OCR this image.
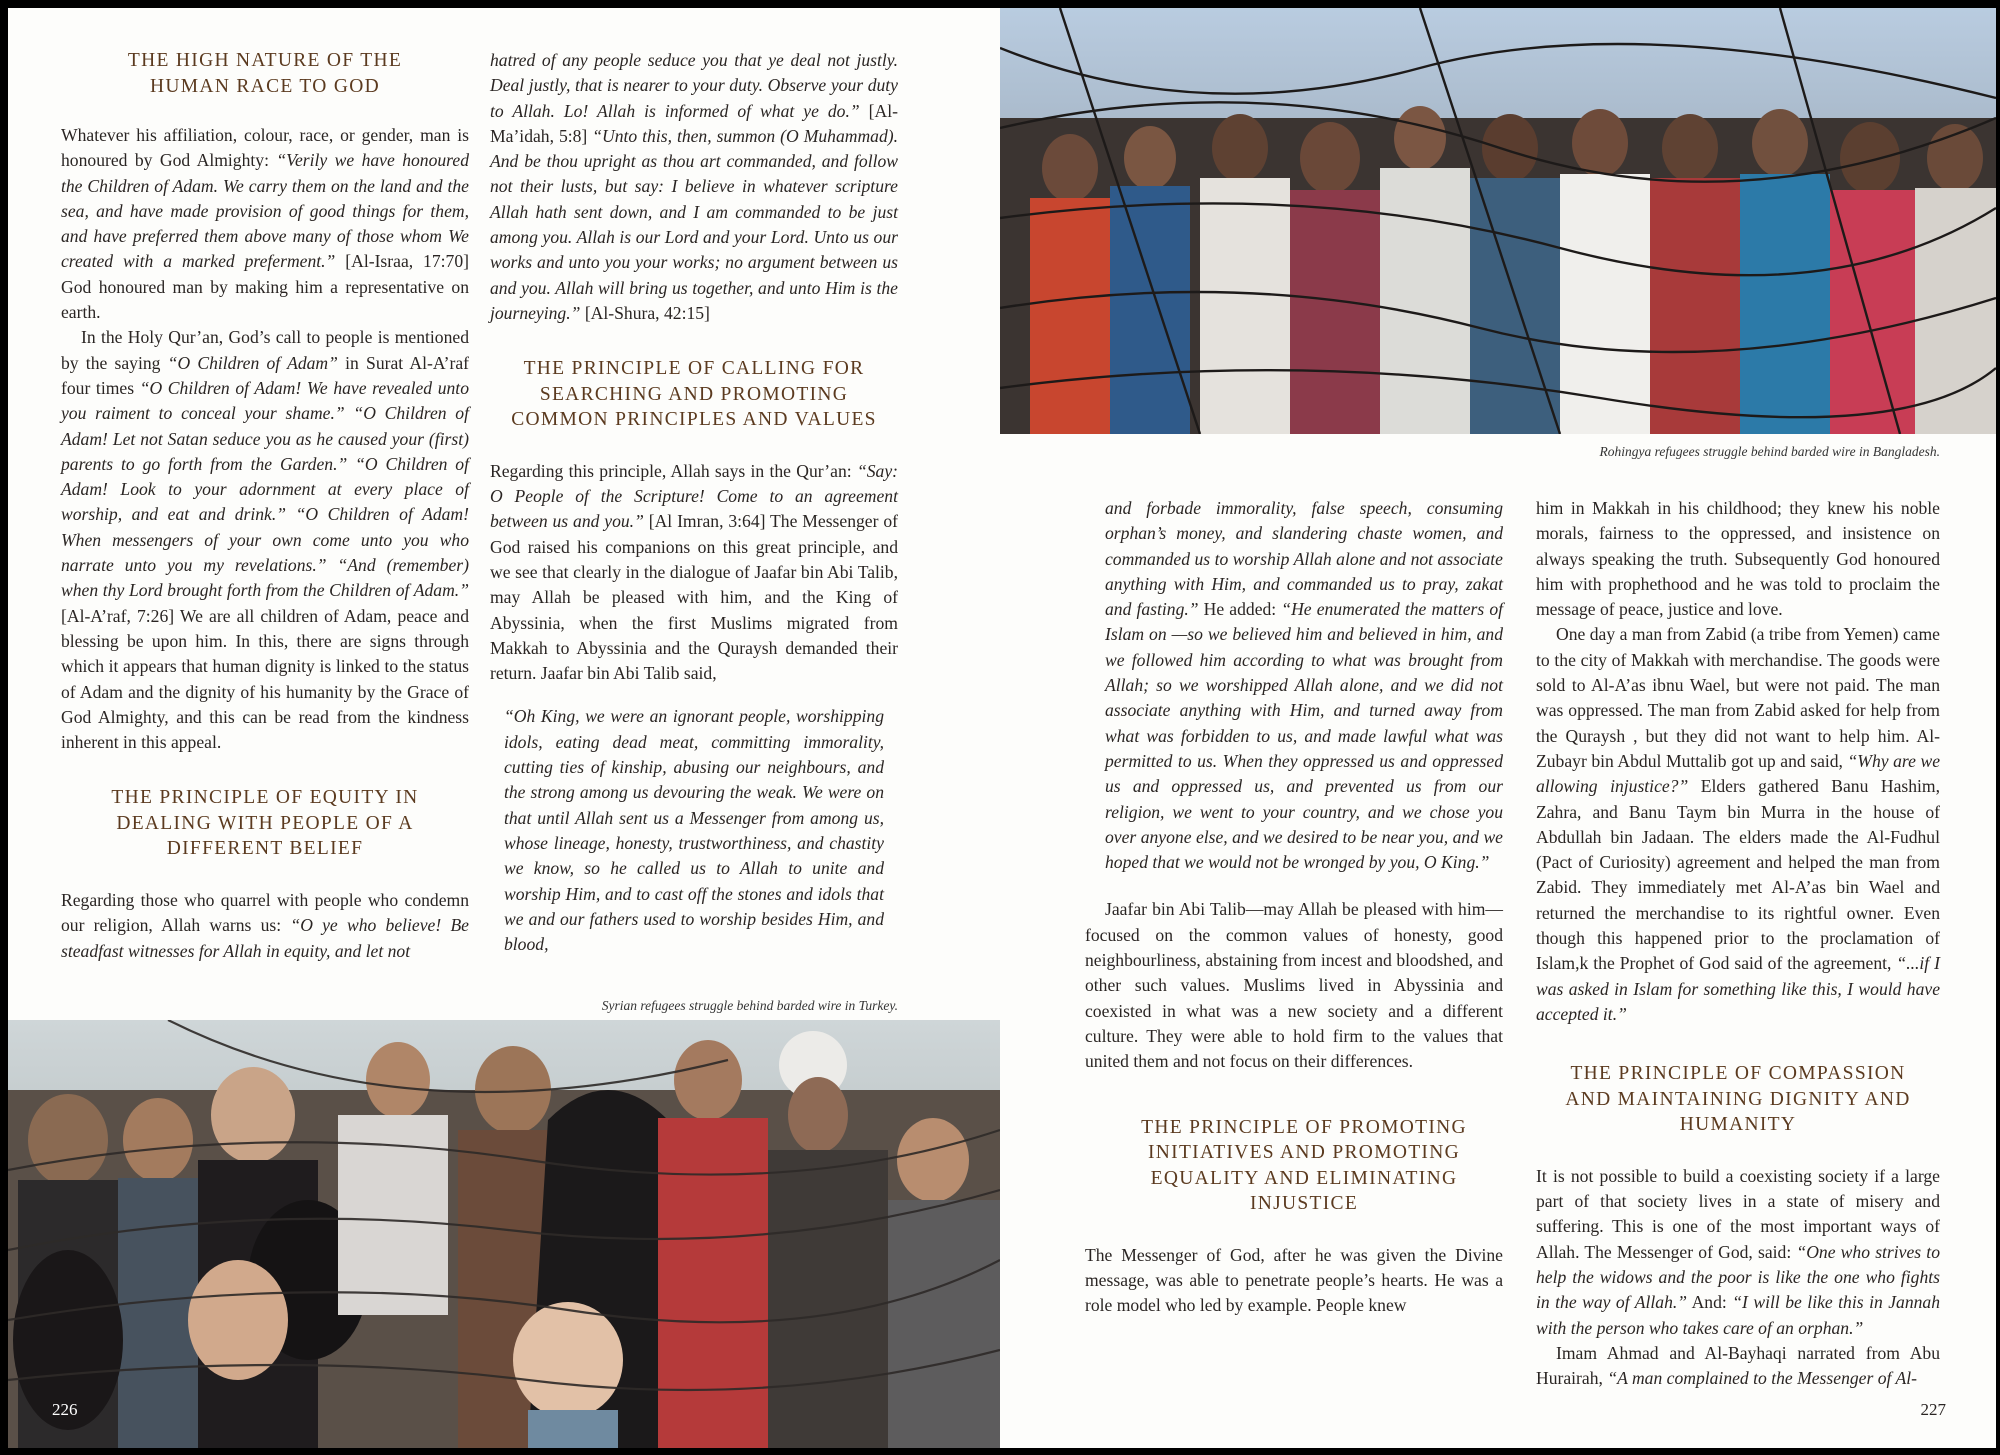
THE HIGH NATURE OF THE HUMAN RACE TO GOD

Whatever his affiliation, colour, race, or gender, man is honoured by God Almighty: “Verily we have honoured the Children of Adam. We carry them on the land and the sea, and have made provision of good things for them, and have preferred them above many of those whom We created with a marked preferment.” [Al-Israa, 17:70] God honoured man by making him a representative on earth.

In the Holy Qur’an, God’s call to people is mentioned by the saying “O Children of Adam” in Surat Al-A’raf four times “O Children of Adam! We have revealed unto you raiment to conceal your shame.” “O Children of Adam! Let not Satan seduce you as he caused your (first) parents to go forth from the Garden.” “O Children of Adam! Look to your adornment at every place of worship, and eat and drink.” “O Children of Adam! When messengers of your own come unto you who narrate unto you my revelations.” “And (remember) when thy Lord brought forth from the Children of Adam.” [Al-A’raf, 7:26] We are all children of Adam, peace and blessing be upon him. In this, there are signs through which it appears that human dignity is linked to the status of Adam and the dignity of his humanity by the Grace of God Almighty, and this can be read from the kindness inherent in this appeal.

THE PRINCIPLE OF EQUITY IN DEALING WITH PEOPLE OF A DIFFERENT BELIEF

Regarding those who quarrel with people who condemn our religion, Allah warns us: “O ye who believe! Be steadfast witnesses for Allah in equity, and let not

hatred of any people seduce you that ye deal not justly. Deal justly, that is nearer to your duty. Observe your duty to Allah. Lo! Allah is informed of what ye do.” [Al-Ma’idah, 5:8] “Unto this, then, summon (O Muhammad). And be thou upright as thou art commanded, and follow not their lusts, but say: I believe in whatever scripture Allah hath sent down, and I am commanded to be just among you. Allah is our Lord and your Lord. Unto us our works and unto you your works; no argument between us and you. Allah will bring us together, and unto Him is the journeying.” [Al-Shura, 42:15]

THE PRINCIPLE OF CALLING FOR SEARCHING AND PROMOTING COMMON PRINCIPLES AND VALUES

Regarding this principle, Allah says in the Qur’an: “Say: O People of the Scripture! Come to an agreement between us and you.” [Al Imran, 3:64] The Messenger of God raised his companions on this great principle, and we see that clearly in the dialogue of Jaafar bin Abi Talib, may Allah be pleased with him, and the King of Abyssinia, when the first Muslims migrated from Makkah to Abyssinia and the Quraysh demanded their return. Jaafar bin Abi Talib said,

“Oh King, we were an ignorant people, worshipping idols, eating dead meat, committing immorality, cutting ties of kinship, abusing our neighbours, and the strong among us devouring the weak. We were on that until Allah sent us a Messenger from among us, whose lineage, honesty, trustworthiness, and chastity we know, so he called us to Allah to unite and worship Him, and to cast off the stones and idols that we and our fathers used to worship besides Him, and blood,

Syrian refugees struggle behind barded wire in Turkey.
226
Rohingya refugees struggle behind barded wire in Bangladesh.

and forbade immorality, false speech, consuming orphan’s money, and slandering chaste women, and commanded us to worship Allah alone and not associate anything with Him, and commanded us to pray, zakat and fasting.” He added: “He enumerated the matters of Islam on —so we believed him and believed in him, and we followed him according to what was brought from Allah; so we worshipped Allah alone, and we did not associate anything with Him, and turned away from what was forbidden to us, and made lawful what was permitted to us. When they oppressed us and oppressed us and oppressed us, and prevented us from our religion, we went to your country, and we chose you over anyone else, and we desired to be near you, and we hoped that we would not be wronged by you, O King.”

Jaafar bin Abi Talib—may Allah be pleased with him—focused on the common values of honesty, good neighbourliness, abstaining from incest and bloodshed, and other such values. Muslims lived in Abyssinia and coexisted in what was a new society and a different culture. They were able to hold firm to the values that united them and not focus on their differences.

THE PRINCIPLE OF PROMOTING INITIATIVES AND PROMOTING EQUALITY AND ELIMINATING INJUSTICE

The Messenger of God, after he was given the Divine message, was able to penetrate people’s hearts. He was a role model who led by example. People knew

him in Makkah in his childhood; they knew his noble morals, fairness to the oppressed, and insistence on always speaking the truth. Subsequently God honoured him with prophethood and he was told to proclaim the message of peace, justice and love.

One day a man from Zabid (a tribe from Yemen) came to the city of Makkah with merchandise. The goods were sold to Al-A’as ibnu Wael, but were not paid. The man was oppressed. The man from Zabid asked for help from the Quraysh , but they did not want to help him. Al-Zubayr bin Abdul Muttalib got up and said, “Why are we allowing injustice?” Elders gathered Banu Hashim, Zahra, and Banu Taym bin Murra in the house of Abdullah bin Jadaan. The elders made the Al-Fudhul (Pact of Curiosity) agreement and helped the man from Zabid. They immediately met Al-A’as bin Wael and returned the merchandise to its rightful owner. Even though this happened prior to the proclamation of Islam,k the Prophet of God said of the agreement, “...if I was asked in Islam for something like this, I would have accepted it.”

THE PRINCIPLE OF COMPASSION AND MAINTAINING DIGNITY AND HUMANITY

It is not possible to build a coexisting society if a large part of that society lives in a state of misery and suffering. This is one of the most important ways of Allah. The Messenger of God, said: “One who strives to help the widows and the poor is like the one who fights in the way of Allah.” And: “I will be like this in Jannah with the person who takes care of an orphan.”

Imam Ahmad and Al-Bayhaqi narrated from Abu Hurairah, “A man complained to the Messenger of Al-

227
